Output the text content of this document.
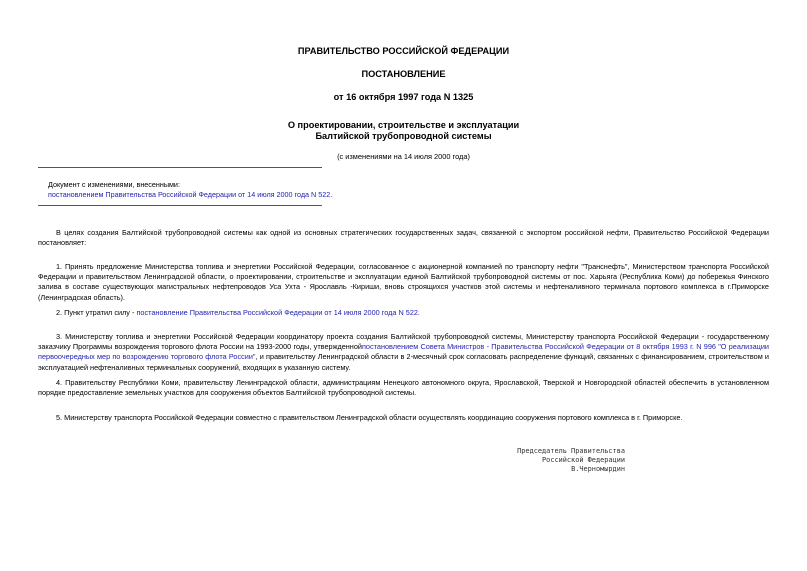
ПРАВИТЕЛЬСТВО РОССИЙСКОЙ ФЕДЕРАЦИИ
ПОСТАНОВЛЕНИЕ
от 16 октября 1997 года N 1325
О проектировании, строительстве и эксплуатации
Балтийской трубопроводной системы
(с изменениями на 14 июля 2000 года)
Документ с изменениями, внесенными:
постановлением Правительства Российской Федерации от 14 июля 2000 года N 522.
В целях создания Балтийской трубопроводной системы как одной из основных стратегических государственных задач, связанной с экспортом российской нефти, Правительство Российской Федерации постановляет:
1. Принять предложение Министерства топлива и энергетики Российской Федерации, согласованное с акционерной компанией по транспорту нефти "Транснефть", Министерством транспорта Российской Федерации и правительством Ленинградской области, о проектировании, строительстве и эксплуатации единой Балтийской трубопроводной системы от пос. Харьяга (Республика Коми) до побережья Финского залива в составе существующих магистральных нефтепроводов Уса Ухта - Ярославль -Кириши, вновь строящихся участков этой системы и нефтеналивного терминала портового комплекса в г.Приморске (Ленинградская область).
2. Пункт утратил силу - постановление Правительства Российской Федерации от 14 июля 2000 года N 522.
3. Министерству топлива и энергетики Российской Федерации координатору проекта создания Балтийской трубопроводной системы, Министерству транспорта Российской Федерации - государственному заказчику Программы возрождения торгового флота России на 1993-2000 годы, утвержденнойпостановлением Совета Министров - Правительства Российской Федерации от 8 октября 1993 г. N 996 "О реализации первоочередных мер по возрождению торгового флота России", и правительству Ленинградской области в 2-месячный срок согласовать распределение функций, связанных с финансированием, строительством и эксплуатацией нефтеналивных терминальных сооружений, входящих в указанную систему.
4. Правительству Республики Коми, правительству Ленинградской области, администрациям Ненецкого автономного округа, Ярославской, Тверской и Новгородской областей обеспечить в установленном порядке предоставление земельных участков для сооружения объектов Балтийской трубопроводной системы.
5. Министерству транспорта Российской Федерации совместно с правительством Ленинградской области осуществлять координацию сооружения портового комплекса в г. Приморске.
Председатель Правительства
Российской Федерации
В.Черномырдин
